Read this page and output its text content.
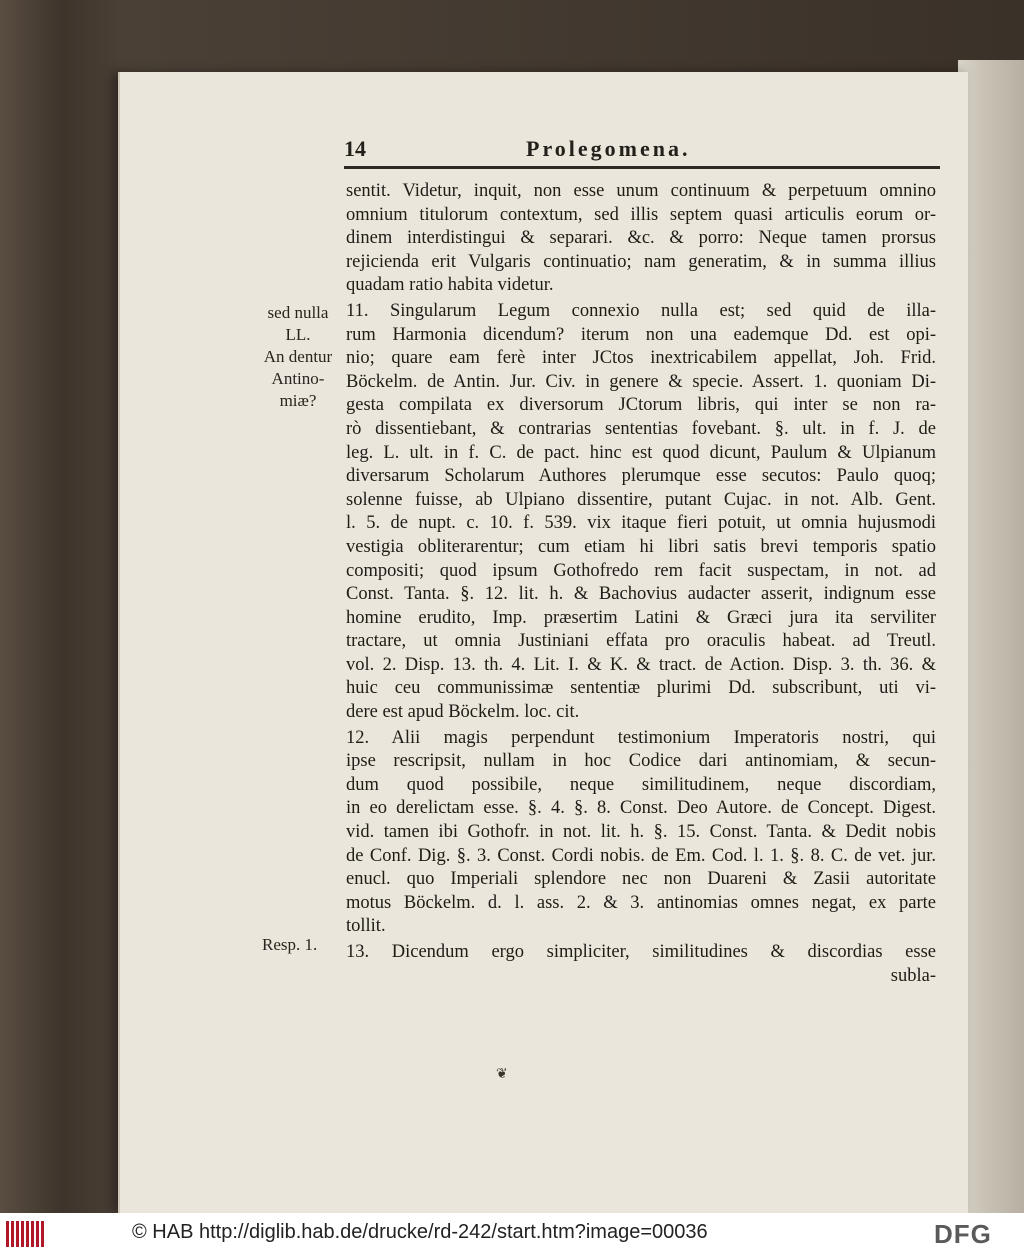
14	Prolegomena.
sed nulla
LL.
An dentur
Antino-
miæ?
Resp. 1.
sentit. Videtur, inquit, non esse unum continuum & perpetuum omnino
omnium titulorum contextum, sed illis septem quasi articulis eorum or-
dinem interdistingui & separari. &c. & porro: Neque tamen prorsus
rejicienda erit Vulgaris continuatio; nam generatim, & in summa illius
quadam ratio habita videtur.
11. Singularum Legum connexio nulla est; sed quid de illa-
rum Harmonia dicendum? iterum non una eademque Dd. est opi-
nio; quare eam ferè inter JCtos inextricabilem appellat, Joh. Frid.
Böckelm. de Antin. Jur. Civ. in genere & specie. Assert. 1. quoniam Di-
gesta compilata ex diversorum JCtorum libris, qui inter se non ra-
rò dissentiebant, & contrarias sententias fovebant. §. ult. in f. J. de
leg. L. ult. in f. C. de pact. hinc est quod dicunt, Paulum & Ulpianum
diversarum Scholarum Authores plerumque esse secutos: Paulo quoq;
solenne fuisse, ab Ulpiano dissentire, putant Cujac. in not. Alb. Gent.
l. 5. de nupt. c. 10. f. 539. vix itaque fieri potuit, ut omnia hujusmodi
vestigia obliterarentur; cum etiam hi libri satis brevi temporis spatio
compositi; quod ipsum Gothofredo rem facit suspectam, in not. ad
Const. Tanta. §. 12. lit. h. & Bachovius audacter asserit, indignum esse
homine erudito, Imp. præsertim Latini & Græci jura ita serviliter
tractare, ut omnia Justiniani effata pro oraculis habeat. ad Treutl.
vol. 2. Disp. 13. th. 4. Lit. I. & K. & tract. de Action. Disp. 3. th. 36. &
huic ceu communissimæ sententiæ plurimi Dd. subscribunt, uti vi-
dere est apud Böckelm. loc. cit.
12. Alii magis perpendunt testimonium Imperatoris nostri, qui
ipse rescripsit, nullam in hoc Codice dari antinomiam, & secun-
dum quod possibile, neque similitudinem, neque discordiam,
in eo derelictam esse. §. 4. §. 8. Const. Deo Autore. de Concept. Digest.
vid. tamen ibi Gothofr. in not. lit. h. §. 15. Const. Tanta. & Dedit nobis
de Conf. Dig. §. 3. Const. Cordi nobis. de Em. Cod. l. 1. §. 8. C. de vet. jur.
enucl. quo Imperiali splendore nec non Duareni & Zasii autoritate
motus Böckelm. d. l. ass. 2. & 3. antinomias omnes negat, ex parte
tollit.
13. Dicendum ergo simpliciter, similitudines & discordias esse
subla-
❦
© HAB http://diglib.hab.de/drucke/rd-242/start.htm?image=00036	DFG
